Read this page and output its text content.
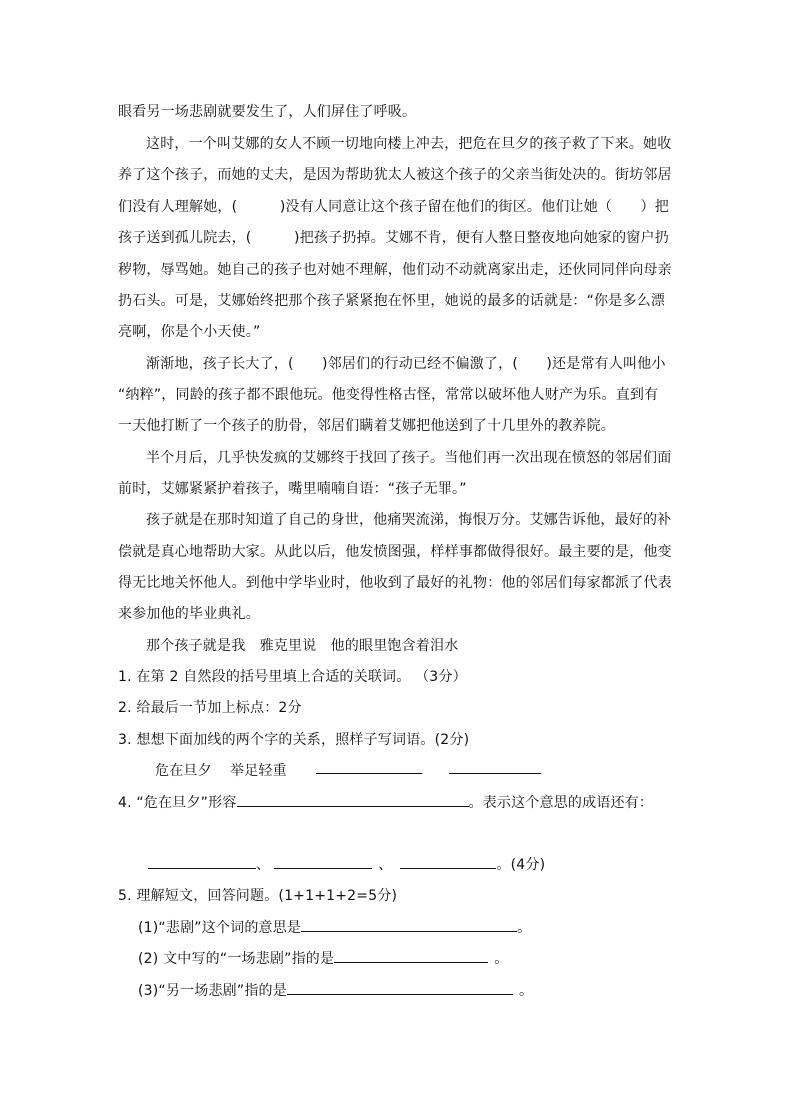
眼看另一场悲剧就要发生了，人们屏住了呼吸。
这时，一个叫艾娜的女人不顾一切地向楼上冲去，把危在旦夕的孩子救了下来。她收
养了这个孩子，而她的丈夫，是因为帮助犹太人被这个孩子的父亲当街处决的。街坊邻居
们没有人理解她，(　　　)没有人同意让这个孩子留在他们的街区。他们让她（　　）把
孩子送到孤儿院去，(　　　)把孩子扔掉。艾娜不肯，便有人整日整夜地向她家的窗户扔
秽物，辱骂她。她自己的孩子也对她不理解，他们动不动就离家出走，还伙同同伴向母亲
扔石头。可是，艾娜始终把那个孩子紧紧抱在怀里，她说的最多的话就是：“你是多么漂
亮啊，你是个小天使。”
渐渐地，孩子长大了，(　　)邻居们的行动已经不偏激了，(　　)还是常有人叫他小
“纳粹”，同龄的孩子都不跟他玩。他变得性格古怪，常常以破坏他人财产为乐。直到有
一天他打断了一个孩子的肋骨，邻居们瞒着艾娜把他送到了十几里外的教养院。
半个月后，几乎快发疯的艾娜终于找回了孩子。当他们再一次出现在愤怒的邻居们面
前时，艾娜紧紧护着孩子，嘴里喃喃自语：“孩子无罪。”
孩子就是在那时知道了自己的身世，他痛哭流涕，悔恨万分。艾娜告诉他，最好的补
偿就是真心地帮助大家。从此以后，他发愤图强，样样事都做得很好。最主要的是，他变
得无比地关怀他人。到他中学毕业时，他收到了最好的礼物：他的邻居们每家都派了代表
来参加他的毕业典礼。
那个孩子就是我　雅克里说　他的眼里饱含着泪水
1. 在第 2 自然段的括号里填上合适的关联词。 （3分）
2. 给最后一节加上标点：2分
3. 想想下面加线的两个字的关系，照样子写词语。(2分)
危在旦夕 举足轻重
4. “危在旦夕”形容	。表示这个意思的成语还有：
、	、	。(4分)
5. 理解短文，回答问题。(1+1+1+2=5分)
(1)“悲剧”这个词的意思是	。
(2) 文中写的“一场悲剧”指的是	。
(3)“另一场悲剧”指的是	。
